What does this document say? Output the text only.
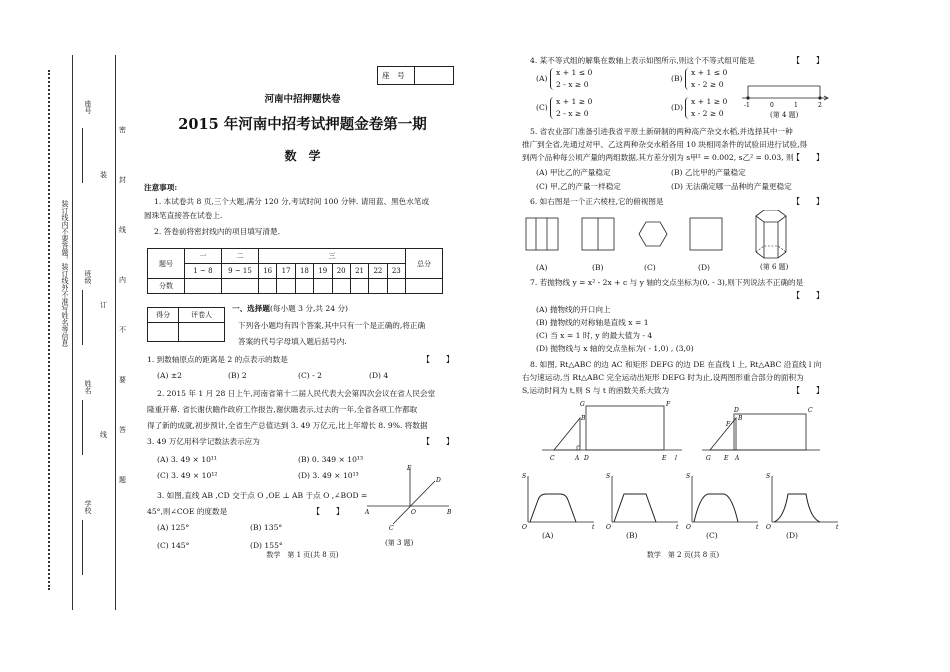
装订线内不要答题，装订线外不准写姓名等信息
座号
班级
姓名
学校
密
封
线
内
不
要
答
题
装
订
线
座　号
河南中招押题快卷
2015 年河南中招考试押题金卷第一期
数　学
注意事项:
1. 本试卷共 8 页,三个大题,满分 120 分,考试时间 100 分钟. 请用蓝、黑色水笔或
圆珠笔直接答在试卷上.
2. 答卷前将密封线内的项目填写清楚.
题号	一	二	三								总分
	1 ~ 8	9 ~ 15	16	17	18	19	20	21	22	23	
分数											
得分	评卷人

一、选择题(每小题 3 分,共 24 分)
下列各小题均有四个答案,其中只有一个是正确的,将正确
答案的代号字母填入题后括号内.
1. 到数轴原点的距离是 2 的点表示的数是	【　　】
(A) ±2	(B) 2	(C) - 2	(D) 4
2. 2015 年 1 月 28 日上午,河南省第十二届人民代表大会第四次会议在省人民会堂
隆重开幕. 省长谢伏瞻作政府工作报告,谢伏瞻表示,过去的一年,全省各项工作都取
得了新的成就,初步预计,全省生产总值达到 3. 49 万亿元,比上年增长 8. 9%. 将数据
3. 49 万亿用科学记数法表示应为	【　　】
(A) 3. 49 × 10¹¹	(B) 0. 349 × 10¹³
(C) 3. 49 × 10¹²	(D) 3. 49 × 10¹³
3. 如图,直线 AB ,CD 交于点 O ,OE ⊥ AB 于点 O ,∠BOD =
45°,则∠COE 的度数是	【　　】
(A) 125°	(B) 135°
(C) 145°	(D) 155°
E
D
A	O	B
C
(第 3 题)
数学　第 1 页(共 8 页)
4. 某不等式组的解集在数轴上表示如图所示,则这个不等式组可能是	【　　】
(A)
x + 1 ≤ 0
2 - x ≥ 0
(B)
x + 1 ≤ 0
x - 2 ≥ 0
(C)
x + 1 ≥ 0
2 - x ≥ 0
(D)
x + 1 ≥ 0
x - 2 ≥ 0
-1	0	1	2
(第 4 题)
5. 省农业部门准备引进我省平原土新研制的两种高产杂交水稻,并选择其中一种
推广到全省,先通过对甲、乙这两种杂交水稻各用 10 块相同条件的试验田进行试验,得
到两个品种每公顷产量的两组数据,其方差分别为 s甲² = 0.002, s乙² = 0.03, 则
【　　】
(A) 甲比乙的产量稳定	(B) 乙比甲的产量稳定
(C) 甲,乙的产量一样稳定	(D) 无法确定哪一品种的产量更稳定
6. 如右图是一个正六棱柱,它的俯视图是	【　　】
(A)	(B)	(C)	(D)	(第 6 题)
7. 若抛物线 y = x² - 2x + c 与 y 轴的交点坐标为(0, - 3),则下列说法不正确的是
【　　】
(A) 抛物线的开口向上
(B) 抛物线的对称轴是直线 x = 1
(C) 当 x = 1 时, y 的最大值为 - 4
(D) 抛物线与 x 轴的交点坐标为( - 1,0) , (3,0)
8. 如图, Rt△ABC 的边 AC 和矩形 DEFG 的边 DE 在直线 l 上, Rt△ABC 沿直线 l 向
右匀速运动,当 Rt△ABC 完全运动出矩形 DEFG 时为止,设两图形重合部分的面积为
S,运动时间为 t,则 S 与 t 的函数关系大致为	【　　】
G	F
B
C	A D	E l
F
D	C
B
G E A
S
t
O
S
t
O
S
t
O
S
t
O
(A)	(B)	(C)	(D)
数学　第 2 页(共 8 页)
